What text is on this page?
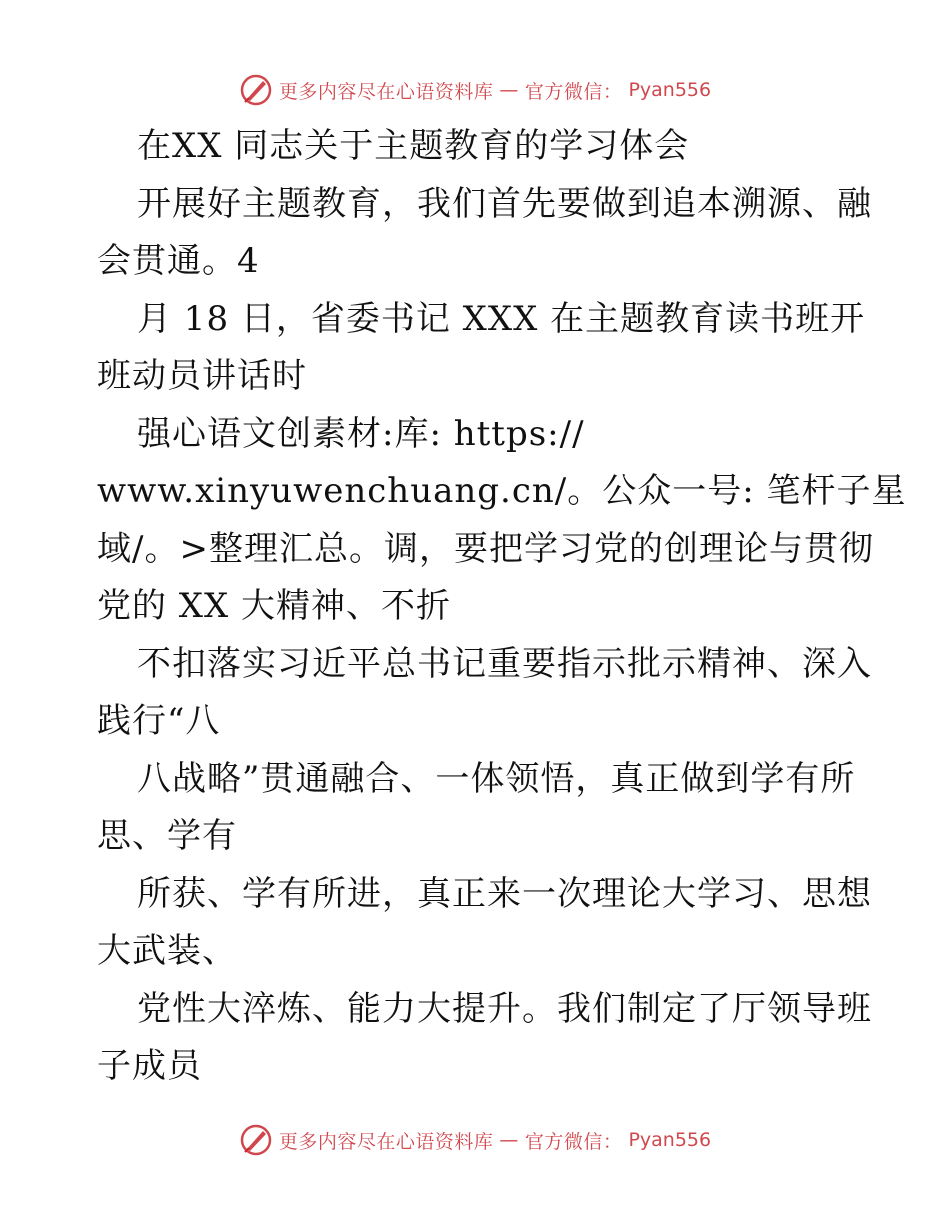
更多内容尽在心语资料库 — 官方微信： Pyan556
在XX 同志关于主题教育的学习体会
开展好主题教育，我们首先要做到追本溯源、融
会贯通。4
月 18 日，省委书记 XXX 在主题教育读书班开
班动员讲话时
强心语文创素材:库: https://
www.xinyuwenchuang.cn/。公众一号: 笔杆子星
域/。>整理汇总。调，要把学习党的创理论与贯彻
党的 XX 大精神、不折
不扣落实习近平总书记重要指示批示精神、深入
践行“八
八战略”贯通融合、一体领悟，真正做到学有所
思、学有
所获、学有所进，真正来一次理论大学习、思想
大武装、
党性大淬炼、能力大提升。我们制定了厅领导班
子成员
更多内容尽在心语资料库 — 官方微信： Pyan556
